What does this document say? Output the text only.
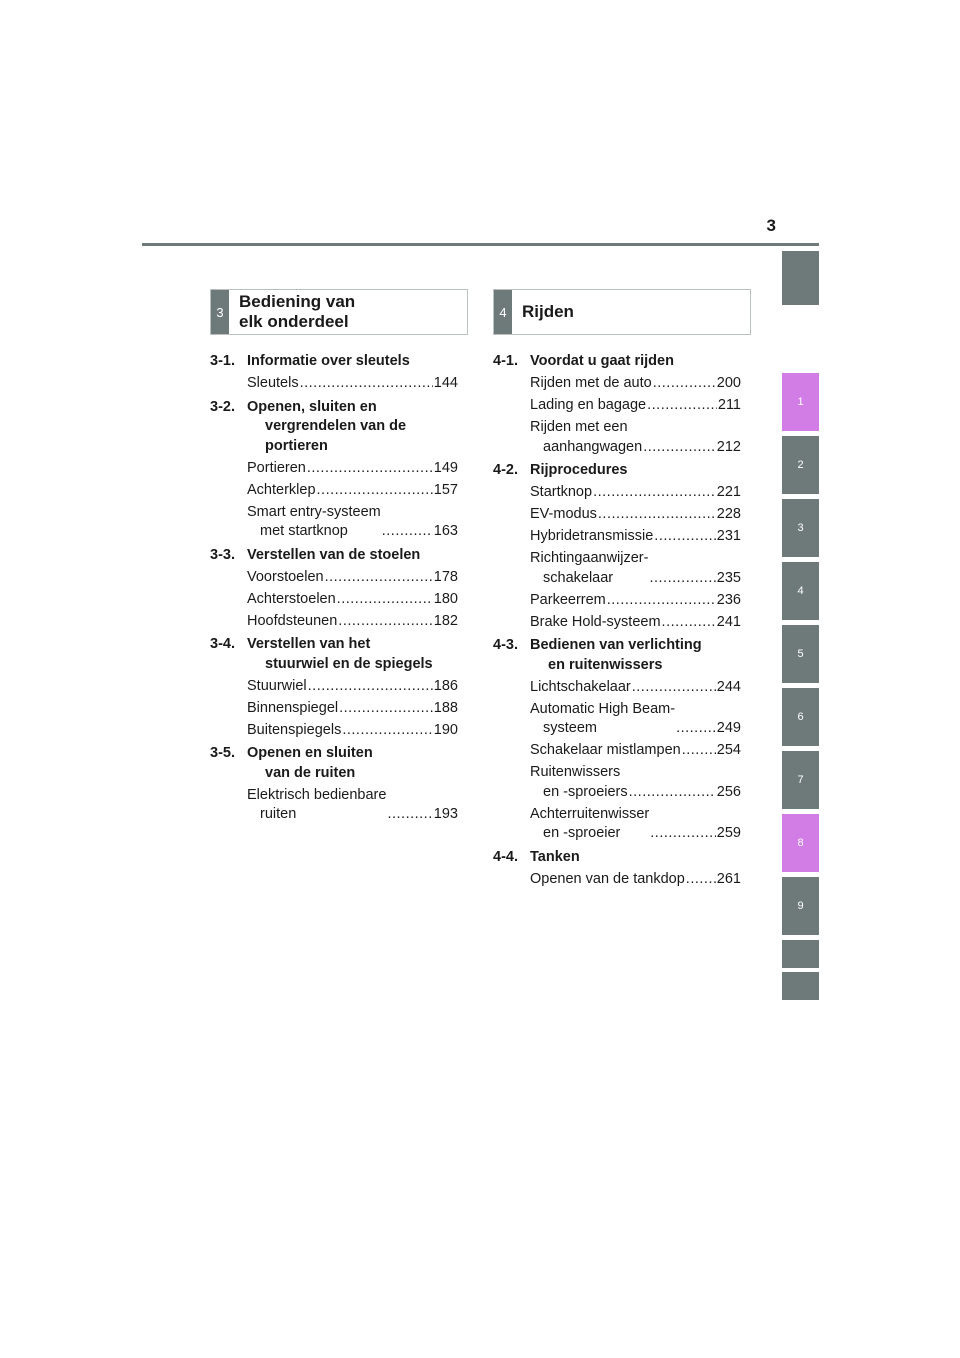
3
1
2
3
4
5
6
7
8
9
3
Bediening van
elk onderdeel	4 Rijden
3-1. Informatie over sleutels
Sleutels .....	144
3-2. Openen, sluiten en
vergrendelen van de
portieren
Portieren .....	149
Achterklep .....	157
Smart entry-systeem
met startknop .....	163
3-3. Verstellen van de stoelen
Voorstoelen .....	178
Achterstoelen .....	180
Hoofdsteunen .....	182
3-4. Verstellen van het
stuurwiel en de spiegels
Stuurwiel .....	186
Binnenspiegel .....	188
Buitenspiegels .....	190
3-5. Openen en sluiten
van de ruiten
Elektrisch bedienbare
ruiten .....	193
4-1. Voordat u gaat rijden
Rijden met de auto .....	200
Lading en bagage .....	211
Rijden met een
aanhangwagen .....	212
4-2. Rijprocedures
Startknop .....	221
EV-modus .....	228
Hybridetransmissie .....	231
Richtingaanwijzer-
schakelaar .....	235
Parkeerrem .....	236
Brake Hold-systeem .....	241
4-3. Bedienen van verlichting
en ruitenwissers
Lichtschakelaar .....	244
Automatic High Beam-
systeem .....	249
Schakelaar mistlampen ..... 254
Ruitenwissers
en -sproeiers .....	256
Achterruitenwisser
en -sproeier .....	259
4-4. Tanken
Openen van de tankdop ..... 261
